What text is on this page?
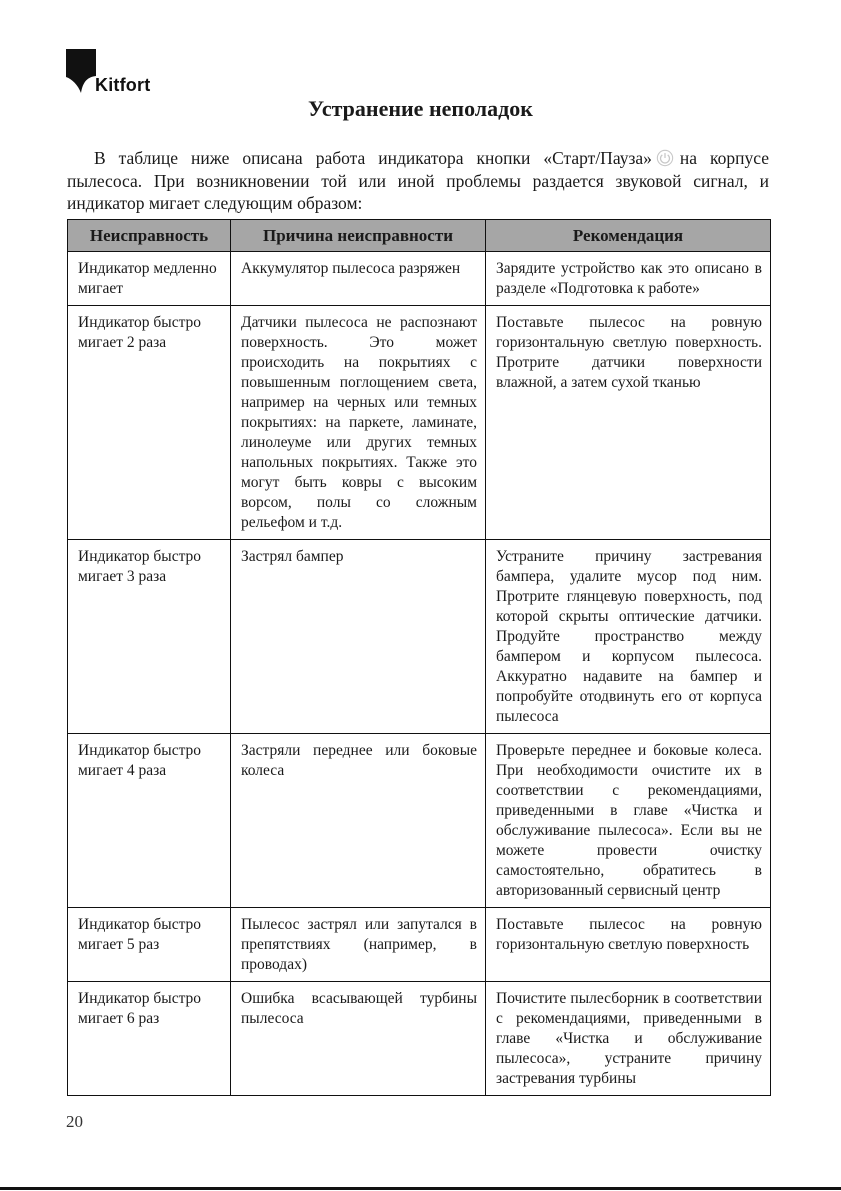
Kitfort
Устранение неполадок

В таблице ниже описана работа индикатора кнопки «Старт/Пауза» на корпусе пылесоса. При возникновении той или иной проблемы раздается звуковой сигнал, и индикатор мигает следующим образом:

Неисправность	Причина неисправности	Рекомендация
Индикатор медленно мигает	Аккумулятор пылесоса разряжен	Зарядите устройство как это описано в разделе «Подготовка к работе»
Индикатор быстро мигает 2 раза	Датчики пылесоса не распознают поверхность. Это может происходить на покрытиях с повышенным поглощением света, например на черных или темных покрытиях: на паркете, ламинате, линолеуме или других темных напольных покрытиях. Также это могут быть ковры с высоким ворсом, полы со сложным рельефом и т.д.	Поставьте пылесос на ровную горизонтальную светлую поверхность. Протрите датчики поверхности влажной, а затем сухой тканью
Индикатор быстро мигает 3 раза	Застрял бампер	Устраните причину застревания бампера, удалите мусор под ним. Протрите глянцевую поверхность, под которой скрыты оптические датчики. Продуйте пространство между бампером и корпусом пылесоса. Аккуратно надавите на бампер и попробуйте отодвинуть его от корпуса пылесоса
Индикатор быстро мигает 4 раза	Застряли переднее или боковые колеса	Проверьте переднее и боковые колеса. При необходимости очистите их в соответствии с рекомендациями, приведенными в главе «Чистка и обслуживание пылесоса». Если вы не можете провести очистку самостоятельно, обратитесь в авторизованный сервисный центр
Индикатор быстро мигает 5 раз	Пылесос застрял или запутался в препятствиях (например, в проводах)	Поставьте пылесос на ровную горизонтальную светлую поверхность
Индикатор быстро мигает 6 раз	Ошибка всасывающей турбины пылесоса	Почистите пылесборник в соответствии с рекомендациями, приведенными в главе «Чистка и обслуживание пылесоса», устраните причину застревания турбины
20
